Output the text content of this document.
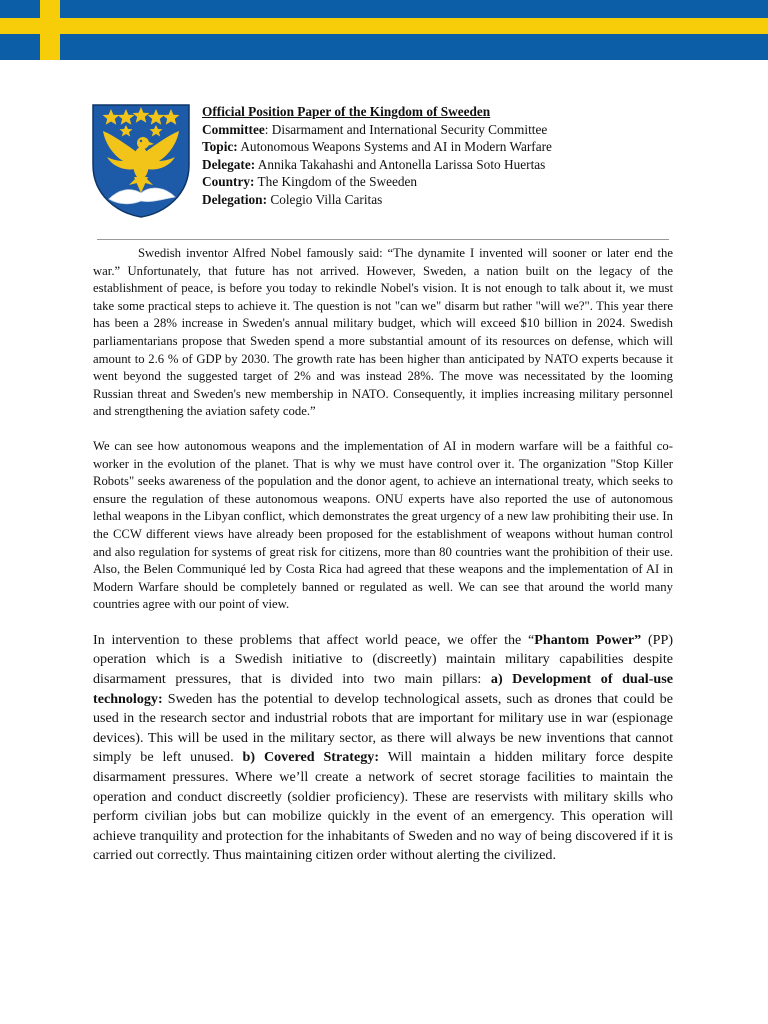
Official Position Paper of the Kingdom of Sweeden
Committee: Disarmament and International Security Committee
Topic: Autonomous Weapons Systems and AI in Modern Warfare
Delegate: Annika Takahashi and Antonella Larissa Soto Huertas
Country: The Kingdom of the Sweeden
Delegation: Colegio Villa Caritas

Swedish inventor Alfred Nobel famously said: “The dynamite I invented will sooner or later end the war.” Unfortunately, that future has not arrived. However, Sweden, a nation built on the legacy of the establishment of peace, is before you today to rekindle Nobel's vision. It is not enough to talk about it, we must take some practical steps to achieve it. The question is not "can we" disarm but rather "will we?". This year there has been a 28% increase in Sweden's annual military budget, which will exceed $10 billion in 2024. Swedish parliamentarians propose that Sweden spend a more substantial amount of its resources on defense, which will amount to 2.6 % of GDP by 2030. The growth rate has been higher than anticipated by NATO experts because it went beyond the suggested target of 2% and was instead 28%. The move was necessitated by the looming Russian threat and Sweden's new membership in NATO. Consequently, it implies increasing military personnel and strengthening the aviation safety code.”

We can see how autonomous weapons and the implementation of AI in modern warfare will be a faithful co-worker in the evolution of the planet. That is why we must have control over it. The organization "Stop Killer Robots" seeks awareness of the population and the donor agent, to achieve an international treaty, which seeks to ensure the regulation of these autonomous weapons. ONU experts have also reported the use of autonomous lethal weapons in the Libyan conflict, which demonstrates the great urgency of a new law prohibiting their use. In the CCW different views have already been proposed for the establishment of weapons without human control and also regulation for systems of great risk for citizens, more than 80 countries want the prohibition of their use. Also, the Belen Communiqué led by Costa Rica had agreed that these weapons and the implementation of AI in Modern Warfare should be completely banned or regulated as well. We can see that around the world many countries agree with our point of view.

In intervention to these problems that affect world peace, we offer the “Phantom Power” (PP) operation which is a Swedish initiative to (discreetly) maintain military capabilities despite disarmament pressures, that is divided into two main pillars: a) Development of dual-use technology: Sweden has the potential to develop technological assets, such as drones that could be used in the research sector and industrial robots that are important for military use in war (espionage devices). This will be used in the military sector, as there will always be new inventions that cannot simply be left unused. b) Covered Strategy: Will maintain a hidden military force despite disarmament pressures. Where we’ll create a network of secret storage facilities to maintain the operation and conduct discreetly (soldier proficiency). These are reservists with military skills who perform civilian jobs but can mobilize quickly in the event of an emergency. This operation will achieve tranquility and protection for the inhabitants of Sweden and no way of being discovered if it is carried out correctly. Thus maintaining citizen order without alerting the civilized.
